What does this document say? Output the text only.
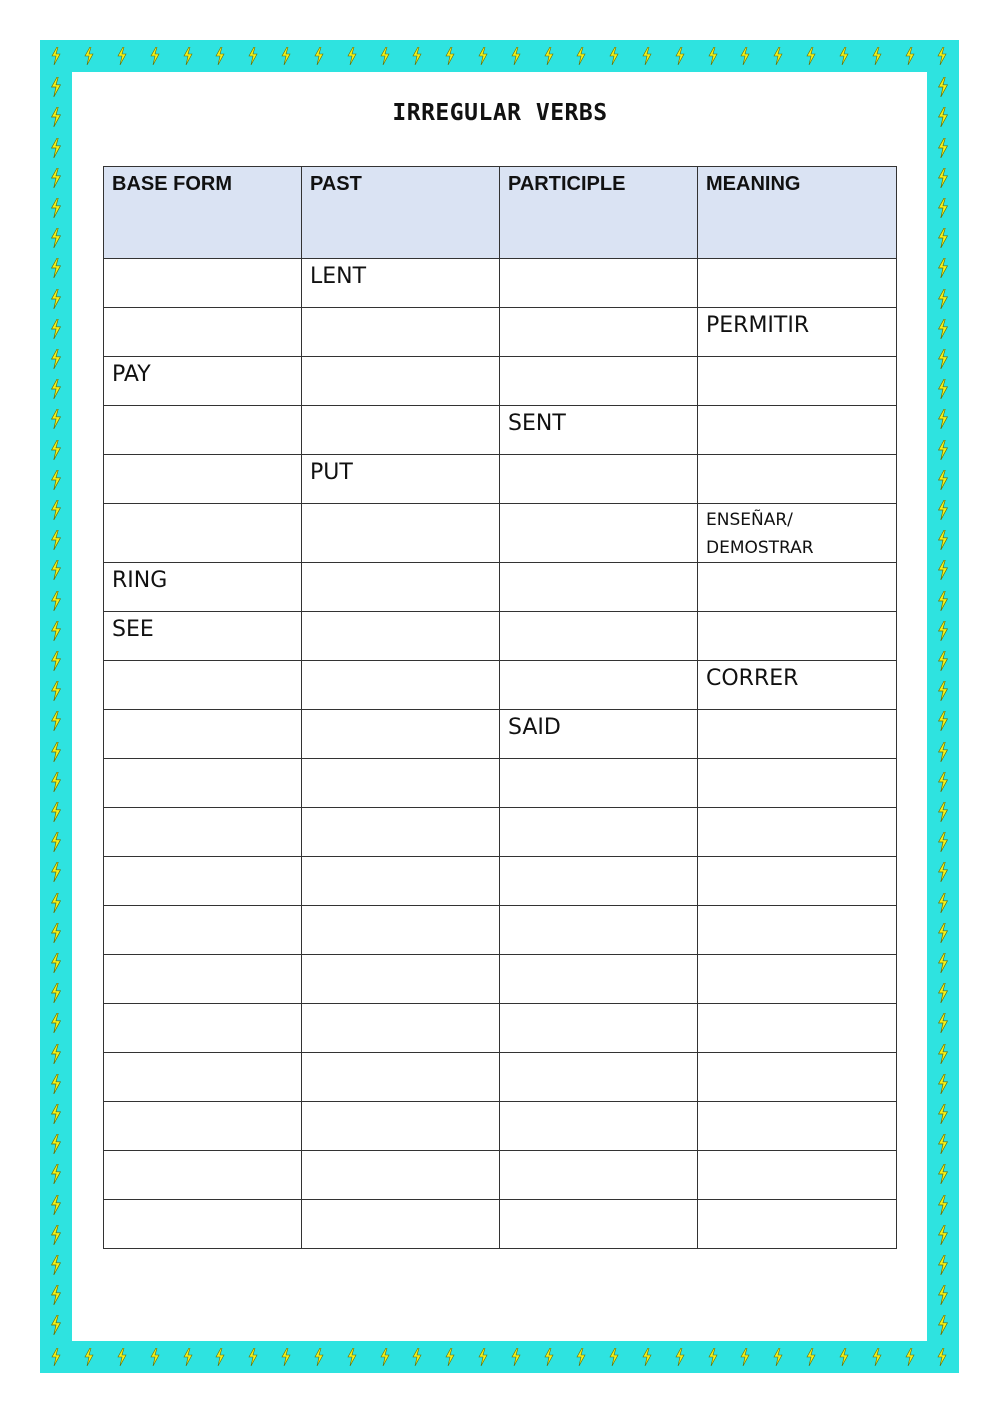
IRREGULAR VERBS
BASE FORM	PAST	PARTICIPLE	MEANING
	LENT		
			PERMITIR
PAY			
		SENT	
	PUT		
			ENSEÑAR/ DEMOSTRAR
RING			
SEE			
			CORRER
		SAID	
